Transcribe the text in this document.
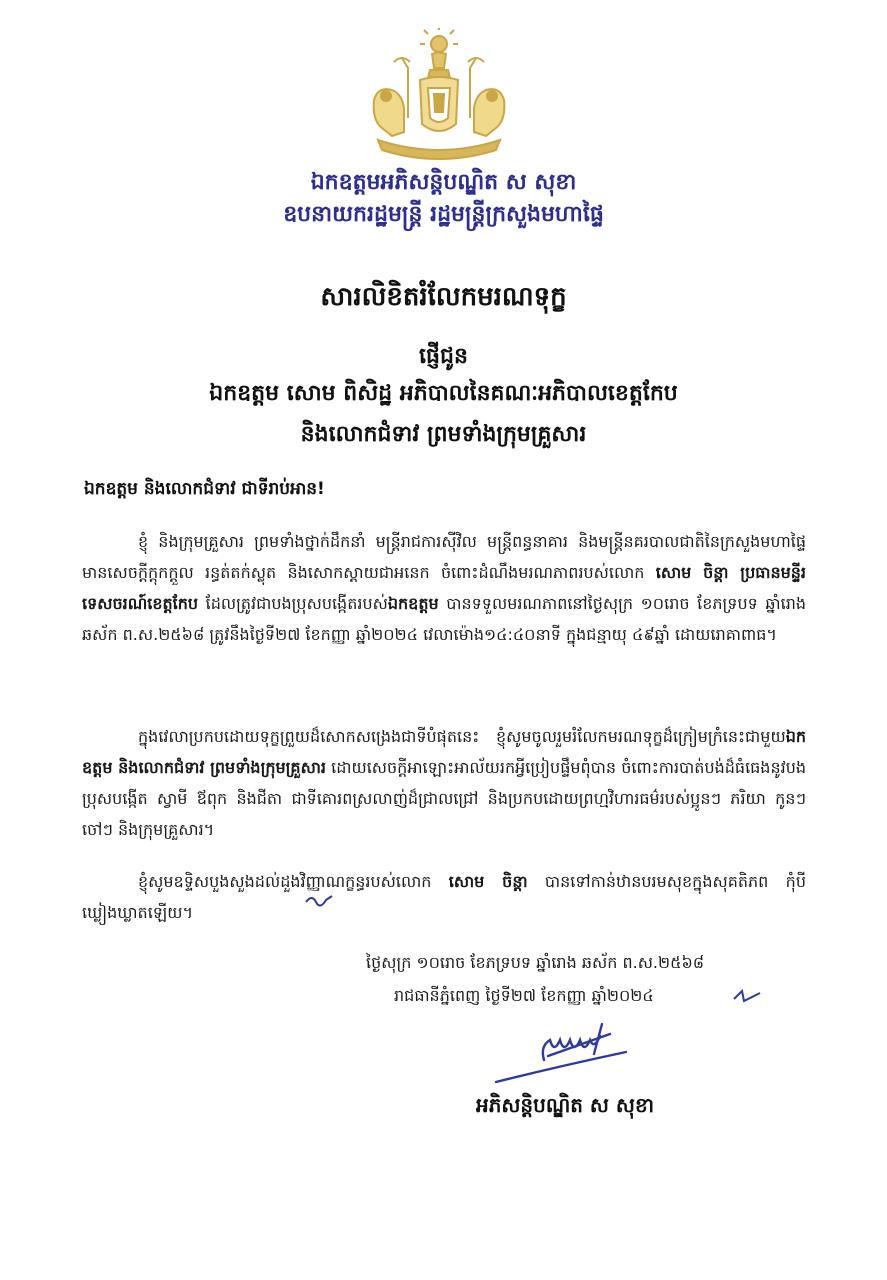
ឯកឧត្តមអភិសន្តិបណ្ឌិត ស សុខា
ឧបនាយករដ្ឋមន្ត្រី រដ្ឋមន្ត្រីក្រសួងមហាផ្ទៃ
សារលិខិតរំលែកមរណទុក្ខ
ផ្ញើជូន
ឯកឧត្តម សោម ពិសិដ្ឋ អភិបាលនៃគណៈអភិបាលខេត្តកែប
និងលោកជំទាវ ព្រមទាំងក្រុមគ្រួសារ
ឯកឧត្តម និងលោកជំទាវ ជាទីរាប់អាន!

ខ្ញុំ និងក្រុមគ្រួសារ ព្រមទាំងថ្នាក់ដឹកនាំ មន្ត្រីរាជការស៊ីវិល មន្ត្រីពន្ធនាគារ និងមន្ត្រីនគរបាលជាតិនៃក្រសួងមហាផ្ទៃ មានសេចក្តីក្តុកក្តួល រន្ធត់តក់ស្លុត និងសោកស្តាយជាអនេក ចំពោះដំណឹងមរណភាពរបស់លោក សោម ចិន្តា ប្រធានមន្ទីរទេសចរណ៍ខេត្តកែប ដែលត្រូវជាបងប្រុសបង្កើតរបស់ឯកឧត្តម បានទទួលមរណភាពនៅថ្ងៃសុក្រ ១០រោច ខែភទ្របទ ឆ្នាំរោង ឆស័ក ព.ស.២៥៦៨ ត្រូវនឹងថ្ងៃទី២៧ ខែកញ្ញា ឆ្នាំ២០២៤ វេលាម៉ោង១៤:៤០នាទី ក្នុងជន្មាយុ ៤៩ឆ្នាំ ដោយរោគាពាធ។

ក្នុងវេលាប្រកបដោយទុក្ខព្រួយដ៏សោកសង្រេងជាទីបំផុតនេះ ខ្ញុំសូមចូលរួមរំលែកមរណទុក្ខដ៏ក្រៀមក្រំនេះជាមួយឯកឧត្តម និងលោកជំទាវ ព្រមទាំងក្រុមគ្រួសារ ដោយសេចក្តីអាឡោះអាល័យរកអ្វីប្រៀបផ្ទឹមពុំបាន ចំពោះការបាត់បង់ដ៏ធំធេងនូវបងប្រុសបង្កើត ស្វាមី ឪពុក និងជីតា ជាទីគោរពស្រលាញ់ដ៏ជ្រាលជ្រៅ និងប្រកបដោយព្រហ្មវិហារធម៌របស់ប្អូនៗ ភរិយា កូនៗ ចៅៗ និងក្រុមគ្រួសារ។

ខ្ញុំសូមឧទ្ទិសបួងសួងដល់ដួងវិញ្ញាណក្ខន្ធរបស់លោក សោម ចិន្តា បានទៅកាន់ឋានបរមសុខក្នុងសុគតិភព កុំបីឃ្លៀងឃ្លាតឡើយ។

ថ្ងៃសុក្រ ១០រោច ខែភទ្របទ ឆ្នាំរោង ឆស័ក ព.ស.២៥៦៨
រាជធានីភ្នំពេញ ថ្ងៃទី២៧ ខែកញ្ញា ឆ្នាំ២០២៤
អភិសន្តិបណ្ឌិត ស សុខា
